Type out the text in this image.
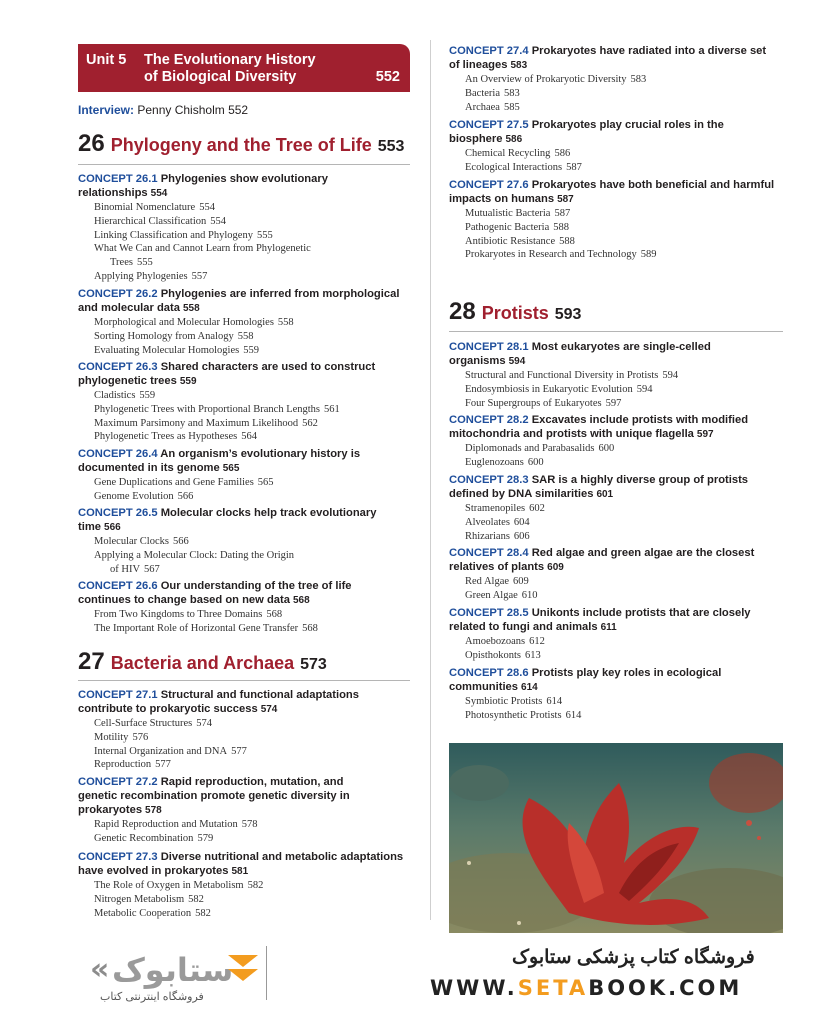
Unit 5 The Evolutionary History
of Biological Diversity	552
Interview: Penny Chisholm 552
26 Phylogeny and the Tree of Life 553

CONCEPT 26.1 Phylogenies show evolutionary
relationships 554

Binomial Nomenclature 554
Hierarchical Classification 554
Linking Classification and Phylogeny 555
What We Can and Cannot Learn from Phylogenetic
Trees 555
Applying Phylogenies 557

CONCEPT 26.2 Phylogenies are inferred from morphological
and molecular data 558

Morphological and Molecular Homologies 558
Sorting Homology from Analogy 558
Evaluating Molecular Homologies 559

CONCEPT 26.3 Shared characters are used to construct
phylogenetic trees 559

Cladistics 559
Phylogenetic Trees with Proportional Branch Lengths 561
Maximum Parsimony and Maximum Likelihood 562
Phylogenetic Trees as Hypotheses 564

CONCEPT 26.4 An organism’s evolutionary history is
documented in its genome 565

Gene Duplications and Gene Families 565
Genome Evolution 566

CONCEPT 26.5 Molecular clocks help track evolutionary
time 566

Molecular Clocks 566
Applying a Molecular Clock: Dating the Origin
of HIV 567

CONCEPT 26.6 Our understanding of the tree of life
continues to change based on new data 568

From Two Kingdoms to Three Domains 568
The Important Role of Horizontal Gene Transfer 568
27 Bacteria and Archaea 573

CONCEPT 27.1 Structural and functional adaptations
contribute to prokaryotic success 574

Cell-Surface Structures 574
Motility 576
Internal Organization and DNA 577
Reproduction 577

CONCEPT 27.2 Rapid reproduction, mutation, and
genetic recombination promote genetic diversity in
prokaryotes 578

Rapid Reproduction and Mutation 578
Genetic Recombination 579

CONCEPT 27.3 Diverse nutritional and metabolic adaptations
have evolved in prokaryotes 581

The Role of Oxygen in Metabolism 582
Nitrogen Metabolism 582
Metabolic Cooperation 582

CONCEPT 27.4 Prokaryotes have radiated into a diverse set
of lineages 583

An Overview of Prokaryotic Diversity 583
Bacteria 583
Archaea 585

CONCEPT 27.5 Prokaryotes play crucial roles in the
biosphere 586

Chemical Recycling 586
Ecological Interactions 587

CONCEPT 27.6 Prokaryotes have both beneficial and harmful
impacts on humans 587

Mutualistic Bacteria 587
Pathogenic Bacteria 588
Antibiotic Resistance 588
Prokaryotes in Research and Technology 589
28 Protists 593

CONCEPT 28.1 Most eukaryotes are single-celled
organisms 594

Structural and Functional Diversity in Protists 594
Endosymbiosis in Eukaryotic Evolution 594
Four Supergroups of Eukaryotes 597

CONCEPT 28.2 Excavates include protists with modified
mitochondria and protists with unique flagella 597

Diplomonads and Parabasalids 600
Euglenozoans 600

CONCEPT 28.3 SAR is a highly diverse group of protists
defined by DNA similarities 601

Stramenopiles 602
Alveolates 604
Rhizarians 606

CONCEPT 28.4 Red algae and green algae are the closest
relatives of plants 609

Red Algae 609
Green Algae 610

CONCEPT 28.5 Unikonts include protists that are closely
related to fungi and animals 611

Amoebozoans 612
Opisthokonts 613

CONCEPT 28.6 Protists play key roles in ecological
communities 614

Symbiotic Protists 614
Photosynthetic Protists 614
« ستابوک
فروشگاه اینترنتی کتاب
فروشگاه کتاب پزشکی ستابوک
WWW.SETABOOK.COM
